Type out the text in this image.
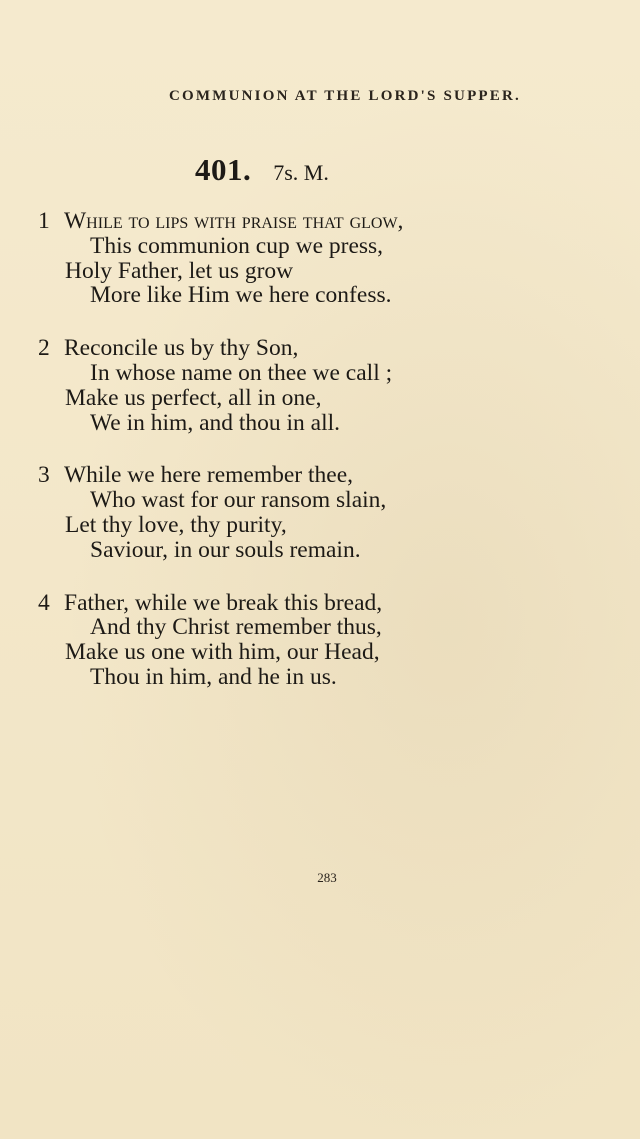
COMMUNION AT THE LORD'S SUPPER.
401. 7s. M.
1 While to lips with praise that glow,
This communion cup we press,
Holy Father, let us grow
More like Him we here confess.
2 Reconcile us by thy Son,
In whose name on thee we call ;
Make us perfect, all in one,
We in him, and thou in all.
3 While we here remember thee,
Who wast for our ransom slain,
Let thy love, thy purity,
Saviour, in our souls remain.
4 Father, while we break this bread,
And thy Christ remember thus,
Make us one with him, our Head,
Thou in him, and he in us.
283
